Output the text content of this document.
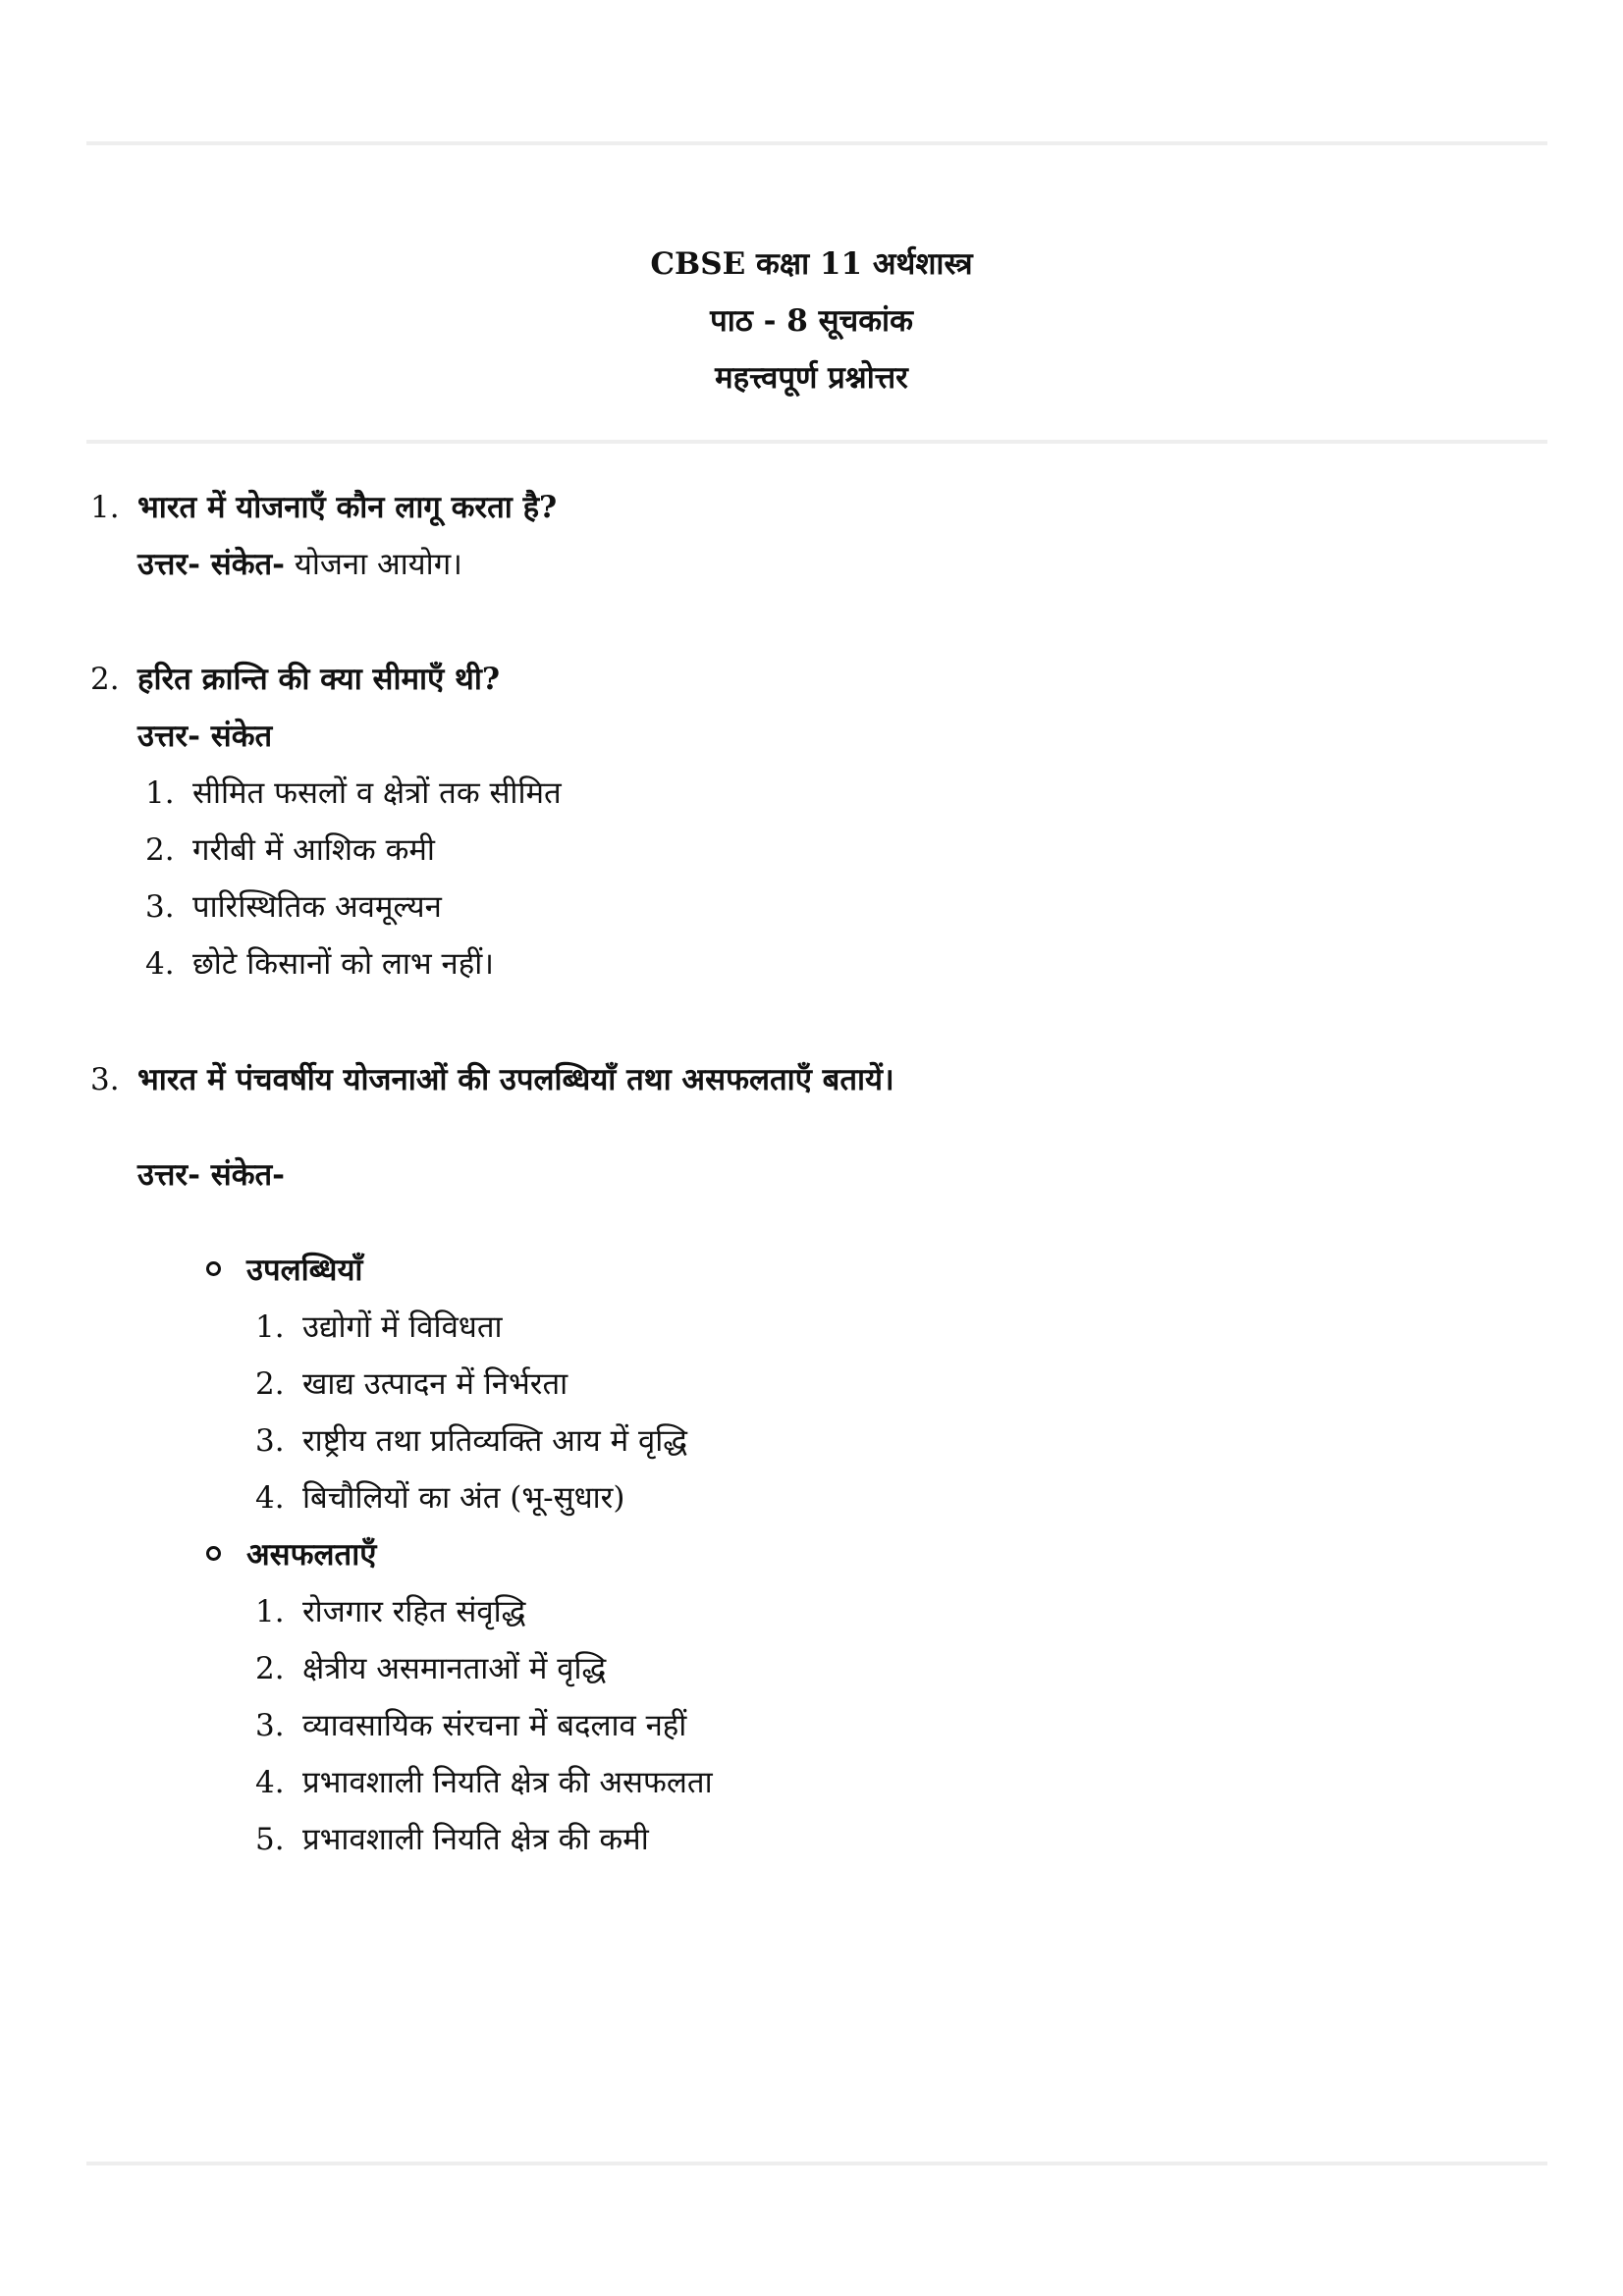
CBSE कक्षा 11 अर्थशास्त्र
पाठ - 8 सूचकांक
महत्त्वपूर्ण प्रश्नोत्तर
1. भारत में योजनाएँ कौन लागू करता है?
उत्तर- संकेत- योजना आयोग।
2. हरित क्रान्ति की क्या सीमाएँ थी?
उत्तर- संकेत
1. सीमित फसलों व क्षेत्रों तक सीमित
2. गरीबी में आशिक कमी
3. पारिस्थितिक अवमूल्यन
4. छोटे किसानों को लाभ नहीं।
3. भारत में पंचवर्षीय योजनाओं की उपलब्धियाँ तथा असफलताएँ बतायें।
उत्तर- संकेत-
उपलब्धियाँ
1. उद्योगों में विविधता
2. खाद्य उत्पादन में निर्भरता
3. राष्ट्रीय तथा प्रतिव्यक्ति आय में वृद्धि
4. बिचौलियों का अंत (भू-सुधार)
असफलताएँ
1. रोजगार रहित संवृद्धि
2. क्षेत्रीय असमानताओं में वृद्धि
3. व्यावसायिक संरचना में बदलाव नहीं
4. प्रभावशाली नियति क्षेत्र की असफलता
5. प्रभावशाली नियति क्षेत्र की कमी
